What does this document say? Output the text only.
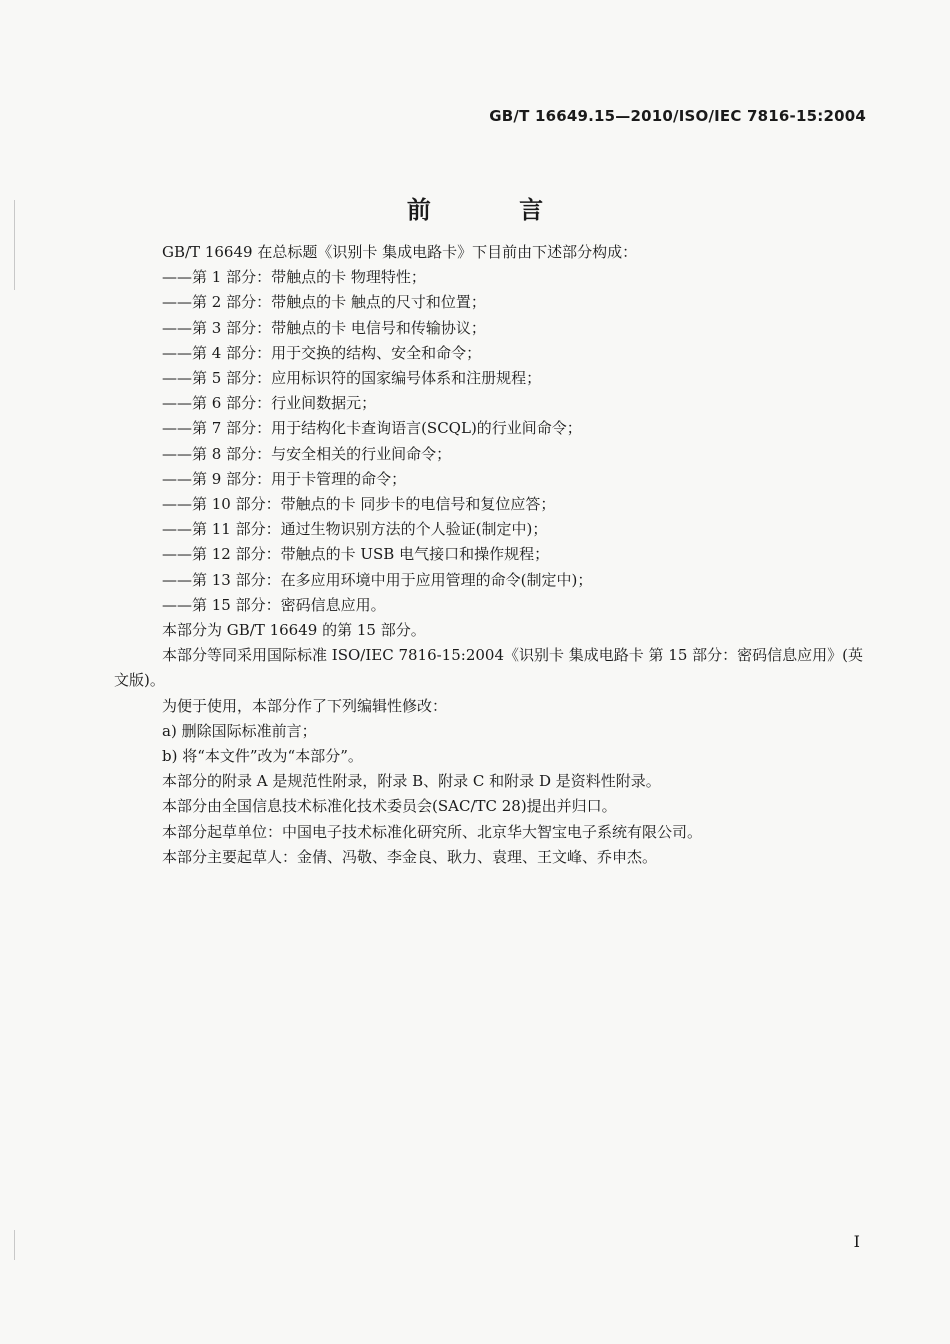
GB/T 16649.15—2010/ISO/IEC 7816-15:2004
前 言

GB/T 16649 在总标题《识别卡 集成电路卡》下目前由下述部分构成：

——第 1 部分：带触点的卡 物理特性；

——第 2 部分：带触点的卡 触点的尺寸和位置；

——第 3 部分：带触点的卡 电信号和传输协议；

——第 4 部分：用于交换的结构、安全和命令；

——第 5 部分：应用标识符的国家编号体系和注册规程；

——第 6 部分：行业间数据元；

——第 7 部分：用于结构化卡查询语言(SCQL)的行业间命令；

——第 8 部分：与安全相关的行业间命令；

——第 9 部分：用于卡管理的命令；

——第 10 部分：带触点的卡 同步卡的电信号和复位应答；

——第 11 部分：通过生物识别方法的个人验证(制定中)；

——第 12 部分：带触点的卡 USB 电气接口和操作规程；

——第 13 部分：在多应用环境中用于应用管理的命令(制定中)；

——第 15 部分：密码信息应用。

本部分为 GB/T 16649 的第 15 部分。

本部分等同采用国际标准 ISO/IEC 7816-15:2004《识别卡 集成电路卡 第 15 部分：密码信息应用》(英文版)。

为便于使用，本部分作了下列编辑性修改：

a) 删除国际标准前言；

b) 将“本文件”改为“本部分”。

本部分的附录 A 是规范性附录，附录 B、附录 C 和附录 D 是资料性附录。

本部分由全国信息技术标准化技术委员会(SAC/TC 28)提出并归口。

本部分起草单位：中国电子技术标准化研究所、北京华大智宝电子系统有限公司。

本部分主要起草人：金倩、冯敬、李金良、耿力、袁理、王文峰、乔申杰。

I
